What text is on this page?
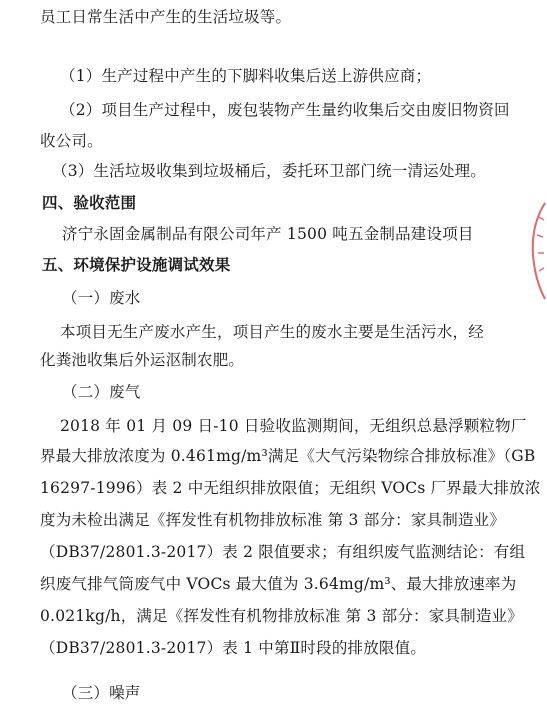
员工日常生活中产生的生活垃圾等。
（1）生产过程中产生的下脚料收集后送上游供应商；
（2）项目生产过程中，废包装物产生量约收集后交由废旧物资回
收公司。
（3）生活垃圾收集到垃圾桶后，委托环卫部门统一清运处理。
四、验收范围
济宁永固金属制品有限公司年产 1500 吨五金制品建设项目
五、环境保护设施调试效果
（一）废水
本项目无生产废水产生，项目产生的废水主要是生活污水，经
化粪池收集后外运沤制农肥。
（二）废气
2018 年 01 月 09 日-10 日验收监测期间，无组织总悬浮颗粒物厂
界最大排放浓度为 0.461mg/m³满足《大气污染物综合排放标准》（GB
16297-1996）表 2 中无组织排放限值；无组织 VOCs 厂界最大排放浓
度为未检出满足《挥发性有机物排放标准 第 3 部分：家具制造业》
（DB37/2801.3-2017）表 2 限值要求；有组织废气监测结论：有组
织废气排气筒废气中 VOCs 最大值为 3.64mg/m³、最大排放速率为
0.021kg/h，满足《挥发性有机物排放标准 第 3 部分：家具制造业》
（DB37/2801.3-2017）表 1 中第Ⅱ时段的排放限值。
（三）噪声
